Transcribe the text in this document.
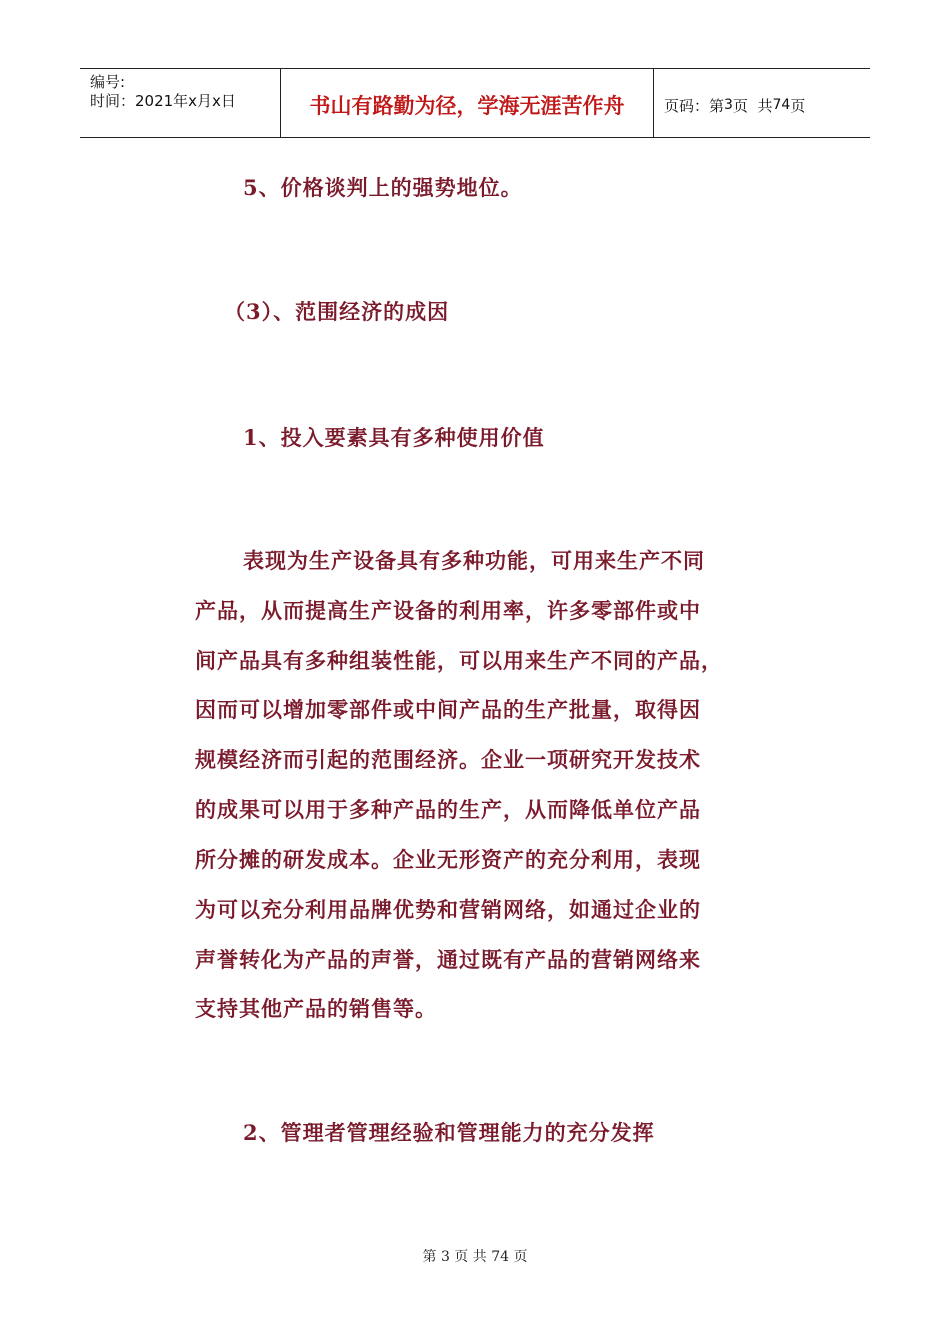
编号:
时间：2021年x月x日	书山有路勤为径，学海无涯苦作舟	页码：第 3 页  共 74 页
5、价格谈判上的强势地位。
（3）、范围经济的成因
1、投入要素具有多种使用价值
表现为生产设备具有多种功能，可用来生产不同
产品，从而提高生产设备的利用率，许多零部件或中
间产品具有多种组装性能，可以用来生产不同的产品，
因而可以增加零部件或中间产品的生产批量，取得因
规模经济而引起的范围经济。企业一项研究开发技术
的成果可以用于多种产品的生产，从而降低单位产品
所分摊的研发成本。企业无形资产的充分利用，表现
为可以充分利用品牌优势和营销网络，如通过企业的
声誉转化为产品的声誉，通过既有产品的营销网络来
支持其他产品的销售等。
2、管理者管理经验和管理能力的充分发挥
第 3 页 共 74 页
